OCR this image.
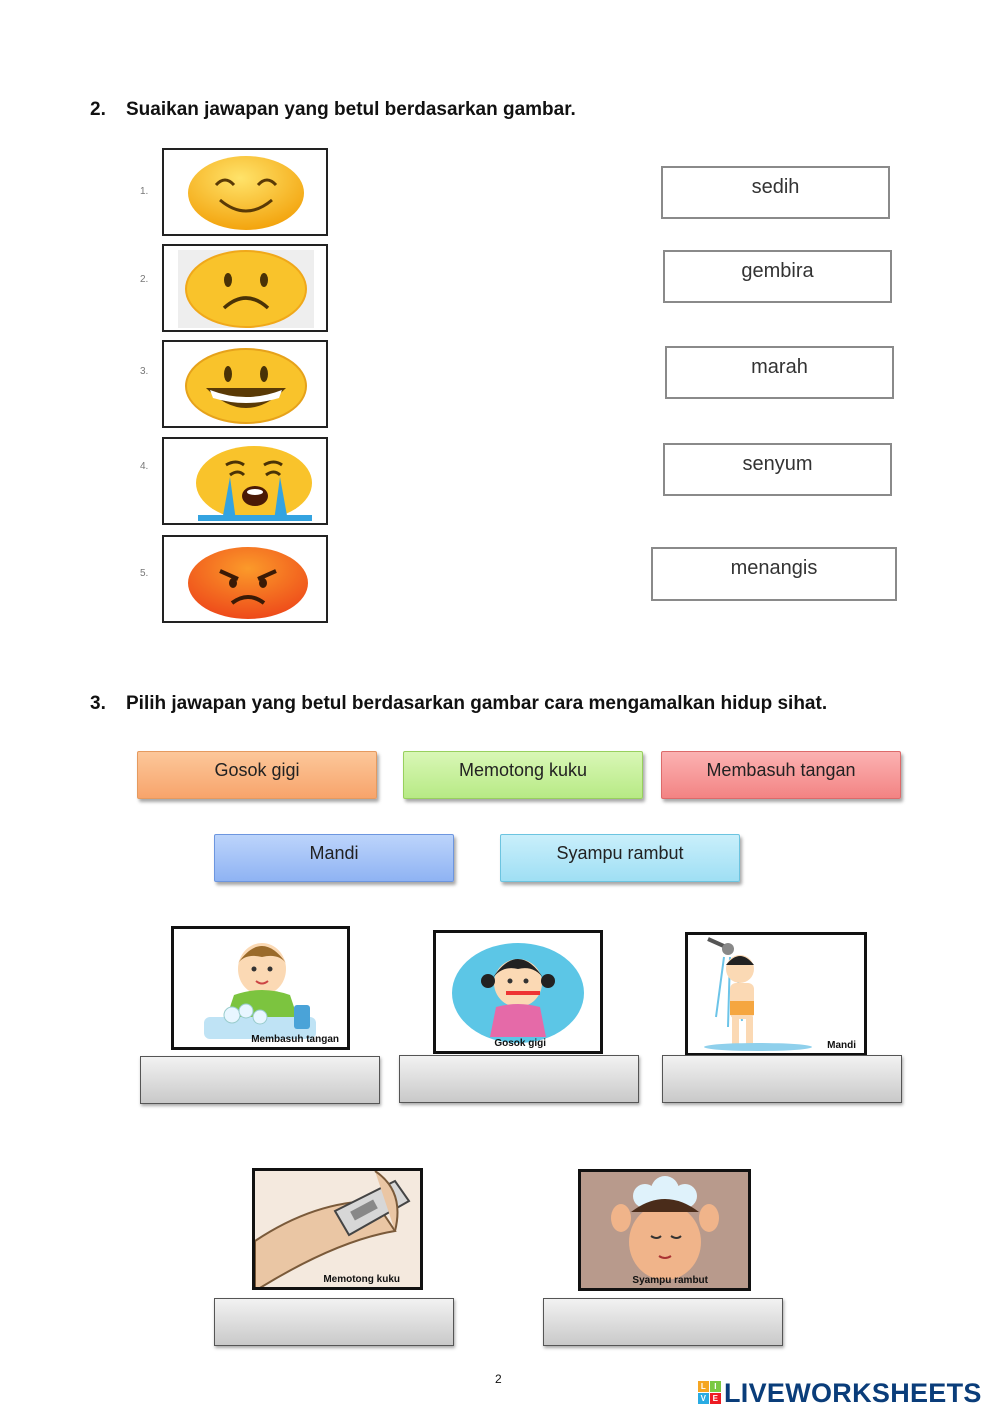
2. Suaikan jawapan yang betul berdasarkan gambar.
1.
2.
3.
4.
5.
sedih
gembira
marah
senyum
menangis
3. Pilih jawapan yang betul berdasarkan gambar cara mengamalkan hidup sihat.
Gosok gigi	Memotong kuku	Membasuh tangan
Mandi	Syampu rambut
Membasuh tangan	Gosok gigi	Mandi
Memotong kuku	Syampu rambut
2
L	I
V E LIVEWORKSHEETS
